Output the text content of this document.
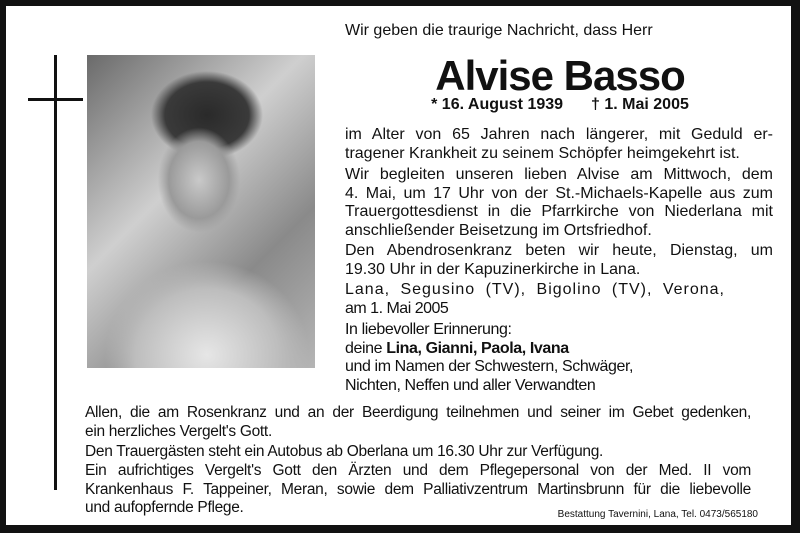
Wir geben die traurige Nachricht, dass Herr
Alvise Basso
* 16. August 1939 † 1. Mai 2005
im Alter von 65 Jahren nach längerer, mit Geduld er-
tragener Krankheit zu seinem Schöpfer heimgekehrt ist.
Wir begleiten unseren lieben Alvise am Mittwoch, dem
4. Mai, um 17 Uhr von der St.-Michaels-Kapelle aus zum
Trauergottesdienst in die Pfarrkirche von Niederlana mit
anschließender Beisetzung im Ortsfriedhof.
Den Abendrosenkranz beten wir heute, Dienstag, um
19.30 Uhr in der Kapuzinerkirche in Lana.
Lana, Segusino (TV), Bigolino (TV), Verona,
am 1. Mai 2005
In liebevoller Erinnerung:
deine Lina, Gianni, Paola, Ivana
und im Namen der Schwestern, Schwäger,
Nichten, Neffen und aller Verwandten
Allen, die am Rosenkranz und an der Beerdigung teilnehmen und seiner im Gebet gedenken,
ein herzliches Vergelt's Gott.
Den Trauergästen steht ein Autobus ab Oberlana um 16.30 Uhr zur Verfügung.
Ein aufrichtiges Vergelt's Gott den Ärzten und dem Pflegepersonal von der Med. II vom
Krankenhaus F. Tappeiner, Meran, sowie dem Palliativzentrum Martinsbrunn für die liebevolle
und aufopfernde Pflege.	Bestattung Tavernini, Lana, Tel. 0473/565180
